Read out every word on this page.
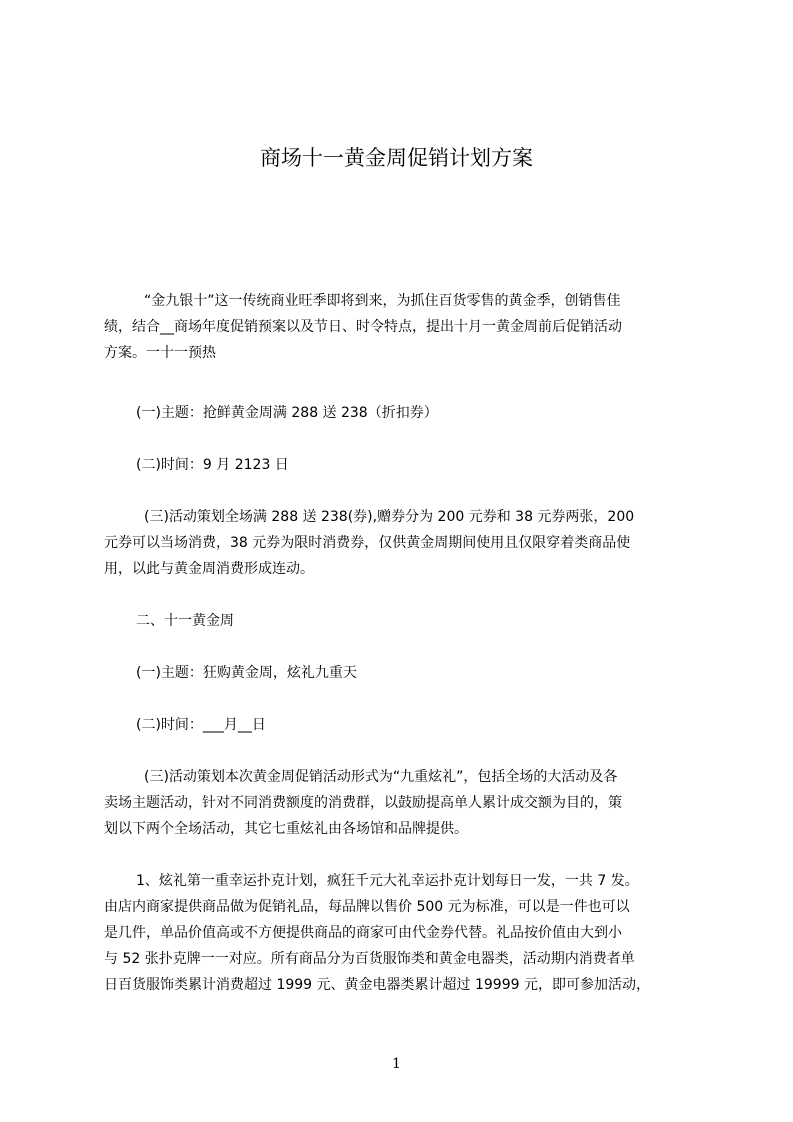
商场十一黄金周促销计划方案
“金九银十”这一传统商业旺季即将到来，为抓住百货零售的黄金季，创销售佳
绩，结合__商场年度促销预案以及节日、时令特点，提出十月一黄金周前后促销活动
方案。一十一预热
(一)主题：抢鲜黄金周满 288 送 238（折扣券）
(二)时间：9 月 2123 日
(三)活动策划全场满 288 送 238(券),赠券分为 200 元券和 38 元券两张，200
元券可以当场消费，38 元券为限时消费券，仅供黄金周期间使用且仅限穿着类商品使
用，以此与黄金周消费形成连动。
二、十一黄金周
(一)主题：狂购黄金周，炫礼九重天
(二)时间：___月__日
(三)活动策划本次黄金周促销活动形式为“九重炫礼”，包括全场的大活动及各
卖场主题活动，针对不同消费额度的消费群，以鼓励提高单人累计成交额为目的，策
划以下两个全场活动，其它七重炫礼由各场馆和品牌提供。
1、炫礼第一重幸运扑克计划，疯狂千元大礼幸运扑克计划每日一发，一共 7 发。
由店内商家提供商品做为促销礼品，每品牌以售价 500 元为标准，可以是一件也可以
是几件，单品价值高或不方便提供商品的商家可由代金券代替。礼品按价值由大到小
与 52 张扑克牌一一对应。所有商品分为百货服饰类和黄金电器类，活动期内消费者单
日百货服饰类累计消费超过 1999 元、黄金电器类累计超过 19999 元，即可参加活动，
1
